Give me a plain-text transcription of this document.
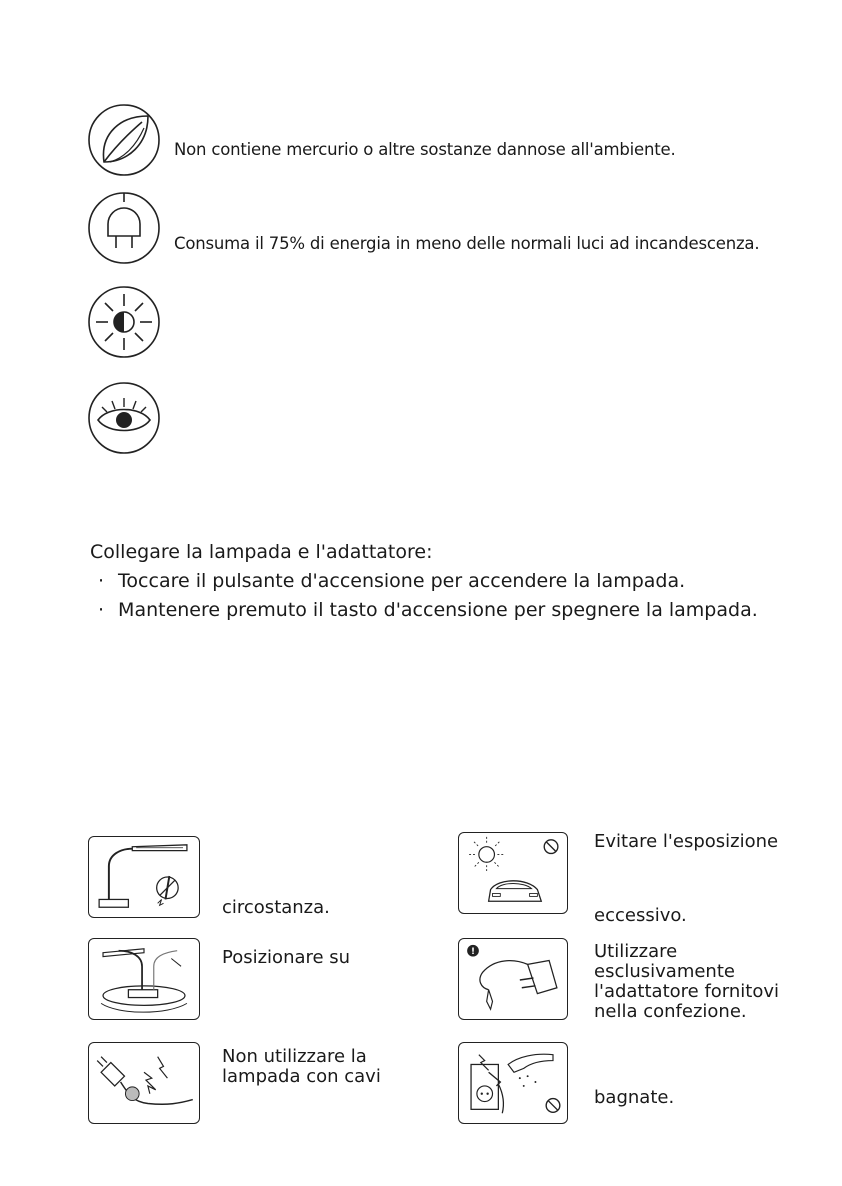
Non contiene mercurio o altre sostanze dannose all'ambiente.
Consuma il 75% di energia in meno delle normali luci ad incandescenza.
Collegare la lampada e l'adattatore:
· Toccare il pulsante d'accensione per accendere la lampada.
· Mantenere premuto il tasto d'accensione per spegnere la lampada.
!
circostanza.
Posizionare su
Non utilizzare la
lampada con cavi
Evitare l'esposizione
eccessivo.
Utilizzare
esclusivamente
l'adattatore fornitovi
nella confezione.
bagnate.
